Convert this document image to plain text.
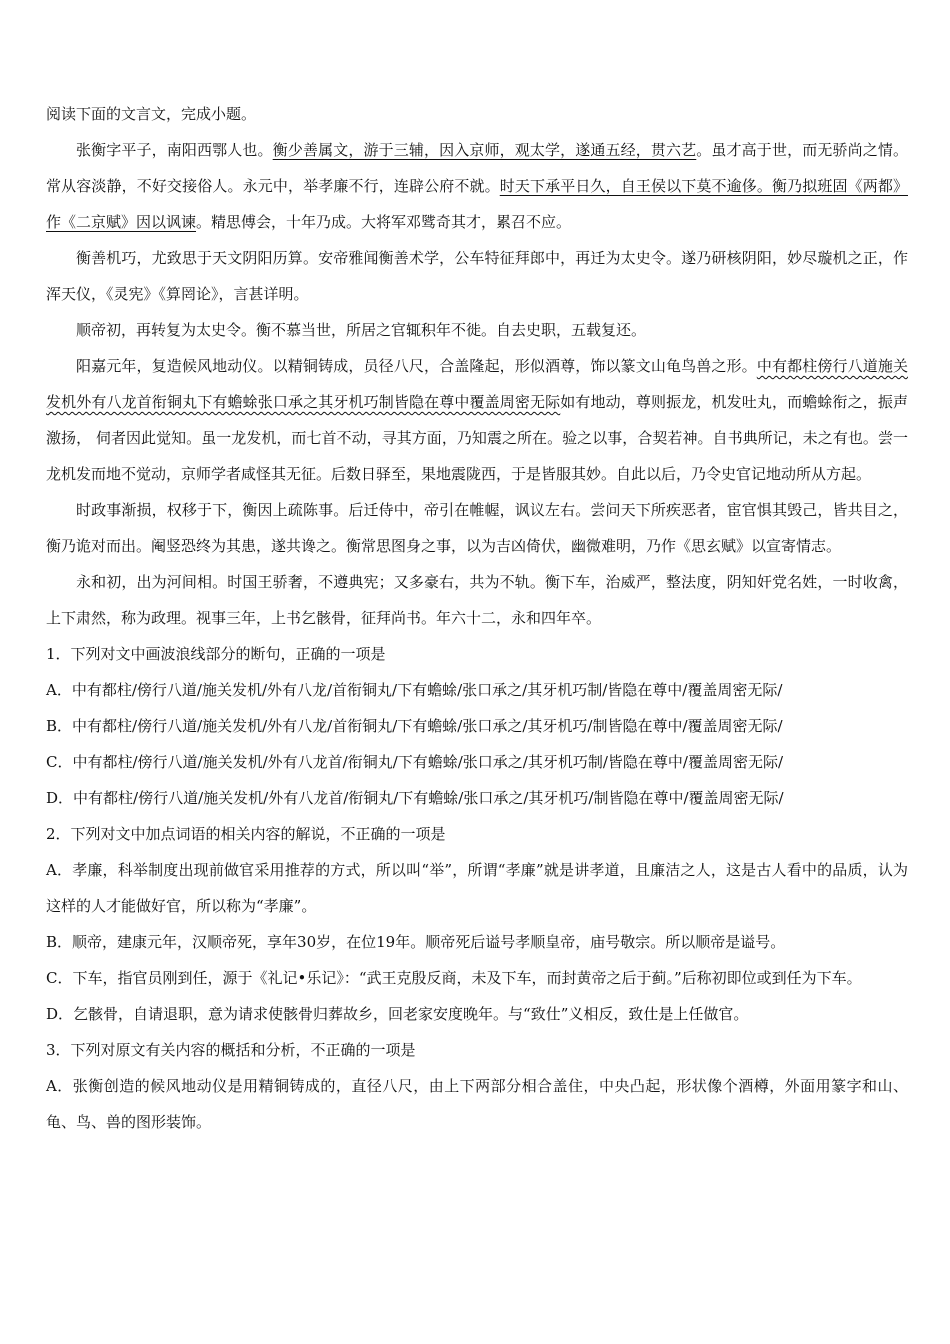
阅读下面的文言文，完成小题。

张衡字平子，南阳西鄂人也。衡少善属文，游于三辅，因入京师，观太学，遂通五经，贯六艺。虽才高于世，而无骄尚之情。常从容淡静，不好交接俗人。永元中，举孝廉不行，连辟公府不就。时天下承平日久，自王侯以下莫不逾侈。衡乃拟班固《两都》作《二京赋》因以讽谏。精思傅会，十年乃成。大将军邓骘奇其才，累召不应。

衡善机巧，尤致思于天文阴阳历算。安帝雅闻衡善术学，公车特征拜郎中，再迁为太史令。遂乃研核阴阳，妙尽璇机之正，作浑天仪，《灵宪》《算罔论》，言甚详明。

顺帝初，再转复为太史令。衡不慕当世，所居之官辄积年不徙。自去史职，五载复还。

阳嘉元年，复造候风地动仪。以精铜铸成，员径八尺，合盖隆起，形似酒尊，饰以篆文山龟鸟兽之形。中有都柱傍行八道施关发机外有八龙首衔铜丸下有蟾蜍张口承之其牙机巧制皆隐在尊中覆盖周密无际如有地动，尊则振龙，机发吐丸，而蟾蜍衔之，振声激扬， 伺者因此觉知。虽一龙发机，而七首不动，寻其方面，乃知震之所在。验之以事，合契若神。自书典所记，未之有也。尝一龙机发而地不觉动，京师学者咸怪其无征。后数日驿至，果地震陇西，于是皆服其妙。自此以后，乃令史官记地动所从方起。

时政事渐损，权移于下，衡因上疏陈事。后迁侍中，帝引在帷幄，讽议左右。尝问天下所疾恶者，宦官惧其毁己，皆共目之，衡乃诡对而出。阉竖恐终为其患，遂共谗之。衡常思图身之事，以为吉凶倚伏，幽微难明，乃作《思玄赋》以宣寄情志。

永和初，出为河间相。时国王骄奢，不遵典宪；又多豪右，共为不轨。衡下车，治威严，整法度，阴知奸党名姓，一时收禽，上下肃然，称为政理。视事三年，上书乞骸骨，征拜尚书。年六十二，永和四年卒。

1．下列对文中画波浪线部分的断句，正确的一项是

A．中有都柱/傍行八道/施关发机/外有八龙/首衔铜丸/下有蟾蜍/张口承之/其牙机巧制/皆隐在尊中/覆盖周密无际/

B．中有都柱/傍行八道/施关发机/外有八龙/首衔铜丸/下有蟾蜍/张口承之/其牙机巧/制皆隐在尊中/覆盖周密无际/

C．中有都柱/傍行八道/施关发机/外有八龙首/衔铜丸/下有蟾蜍/张口承之/其牙机巧制/皆隐在尊中/覆盖周密无际/

D．中有都柱/傍行八道/施关发机/外有八龙首/衔铜丸/下有蟾蜍/张口承之/其牙机巧/制皆隐在尊中/覆盖周密无际/

2．下列对文中加点词语的相关内容的解说，不正确的一项是

A．孝廉，科举制度出现前做官采用推荐的方式，所以叫“举”，所谓“孝廉”就是讲孝道，且廉洁之人，这是古人看中的品质，认为这样的人才能做好官，所以称为“孝廉”。

B．顺帝，建康元年，汉顺帝死，享年30岁，在位19年。顺帝死后谥号孝顺皇帝，庙号敬宗。所以顺帝是谥号。

C．下车，指官员刚到任，源于《礼记•乐记》：“武王克殷反商，未及下车，而封黄帝之后于蓟。”后称初即位或到任为下车。

D．乞骸骨，自请退职，意为请求使骸骨归葬故乡，回老家安度晚年。与“致仕”义相反，致仕是上任做官。

3．下列对原文有关内容的概括和分析，不正确的一项是

A．张衡创造的候风地动仪是用精铜铸成的，直径八尺，由上下两部分相合盖住，中央凸起，形状像个酒樽，外面用篆字和山、龟、鸟、兽的图形装饰。
